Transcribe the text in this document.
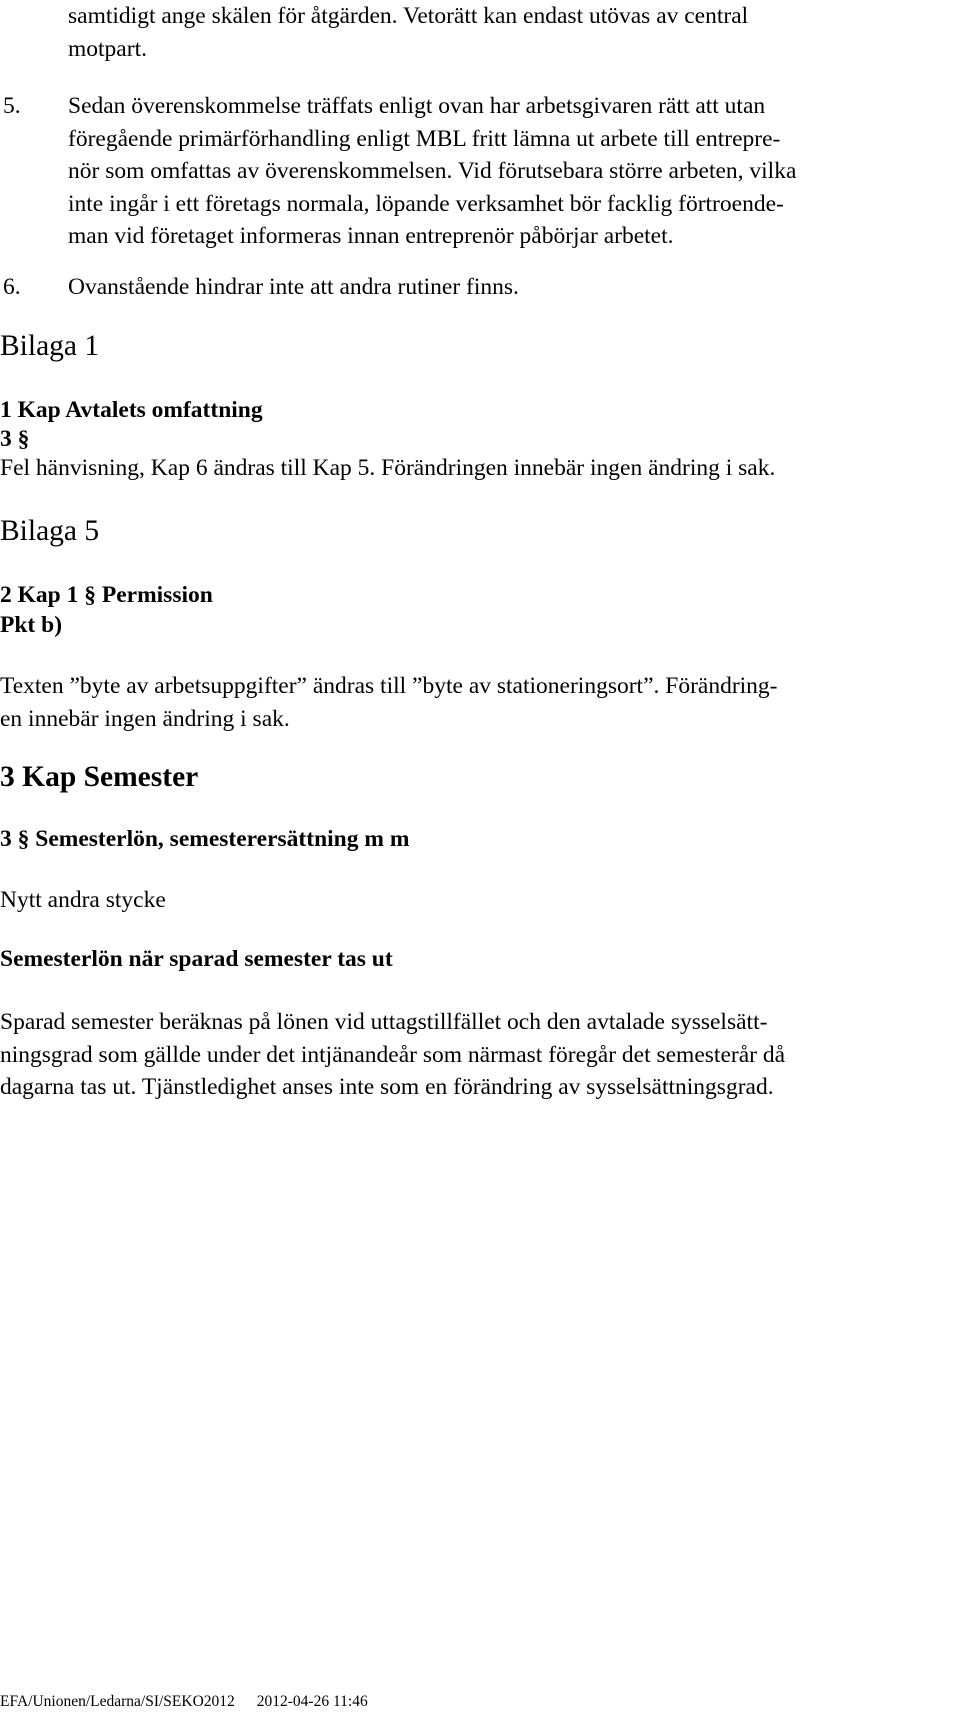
samtidigt ange skälen för åtgärden. Vetorätt kan endast utövas av central
motpart.
5. Sedan överenskommelse träffats enligt ovan har arbetsgivaren rätt att utan
föregående primärförhandling enligt MBL fritt lämna ut arbete till entrepre-
nör som omfattas av överenskommelsen. Vid förutsebara större arbeten, vilka
inte ingår i ett företags normala, löpande verksamhet bör facklig förtroende-
man vid företaget informeras innan entreprenör påbörjar arbetet.
6. Ovanstående hindrar inte att andra rutiner finns.
Bilaga 1
1 Kap Avtalets omfattning
3 §
Fel hänvisning, Kap 6 ändras till Kap 5. Förändringen innebär ingen ändring i sak.
Bilaga 5
2 Kap 1 § Permission
Pkt b)
Texten ”byte av arbetsuppgifter” ändras till ”byte av stationeringsort”. Förändring-
en innebär ingen ändring i sak.
3 Kap Semester
3 § Semesterlön, semesterersättning m m
Nytt andra stycke
Semesterlön när sparad semester tas ut
Sparad semester beräknas på lönen vid uttagstillfället och den avtalade sysselsätt-
ningsgrad som gällde under det intjänandeår som närmast föregår det semesterår då
dagarna tas ut. Tjänstledighet anses inte som en förändring av sysselsättningsgrad.
EFA/Unionen/Ledarna/SI/SEKO2012 2012-04-26 11:46
